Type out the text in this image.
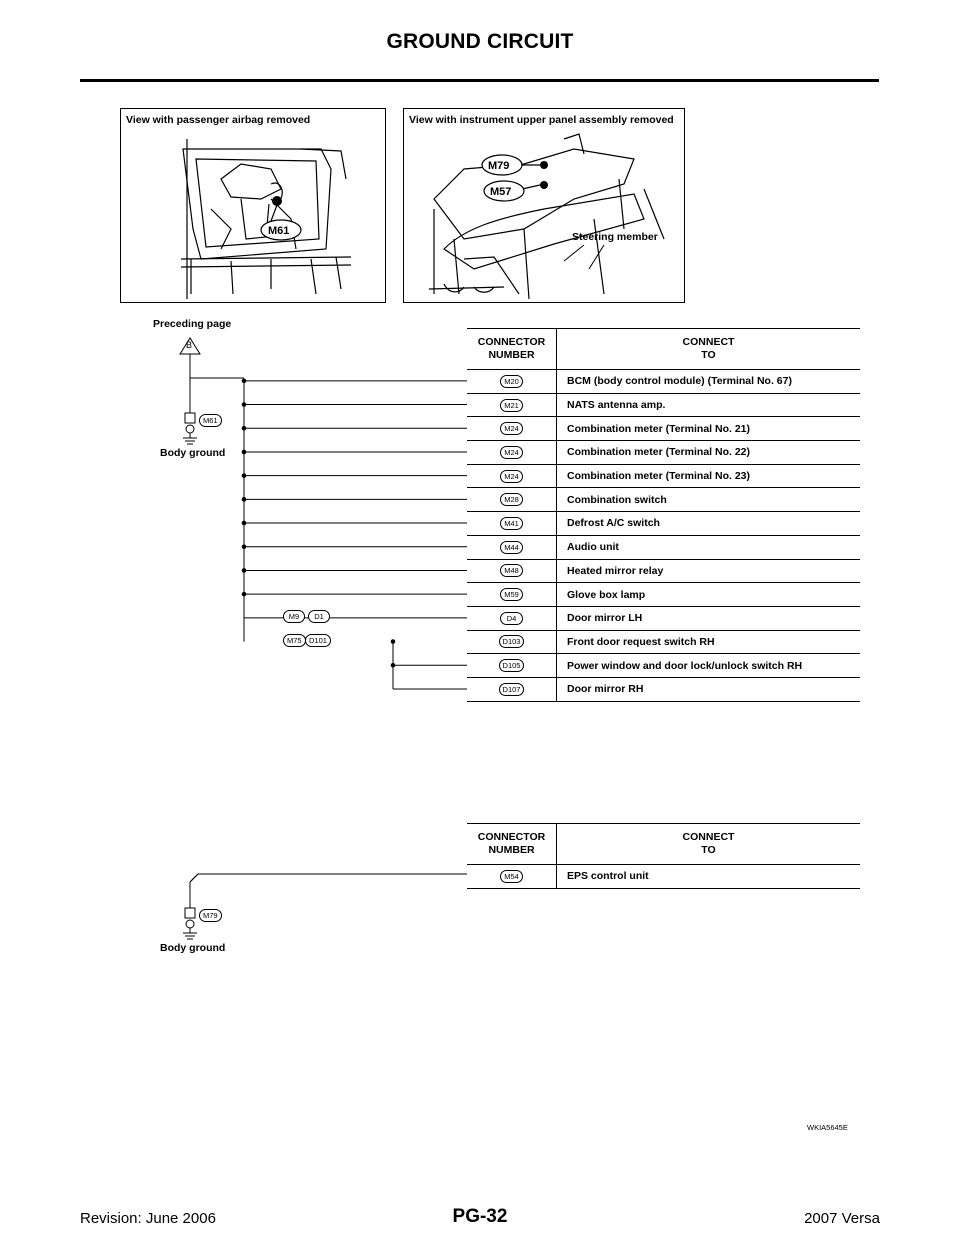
GROUND CIRCUIT
View with passenger airbag removed
M61
View with instrument upper panel assembly removed
M79
M57
Steering member
Preceding page
B
M61
Body ground
M9	D1
M75 D101
CONNECTOR
NUMBER	CONNECT
TO
M20	BCM (body control module) (Terminal No. 67)
M21	NATS antenna amp.
M24	Combination meter (Terminal No. 21)
M24	Combination meter (Terminal No. 22)
M24	Combination meter (Terminal No. 23)
M28	Combination switch
M41	Defrost A/C switch
M44	Audio unit
M48	Heated mirror relay
M59	Glove box lamp
D4	Door mirror LH
D103	Front door request switch RH
D105	Power window and door lock/unlock switch RH
D107	Door mirror RH
CONNECTOR
NUMBER	CONNECT
TO
M54	EPS control unit
M79
Body ground
WKIA5645E
Revision: June 2006	PG-32	2007 Versa
